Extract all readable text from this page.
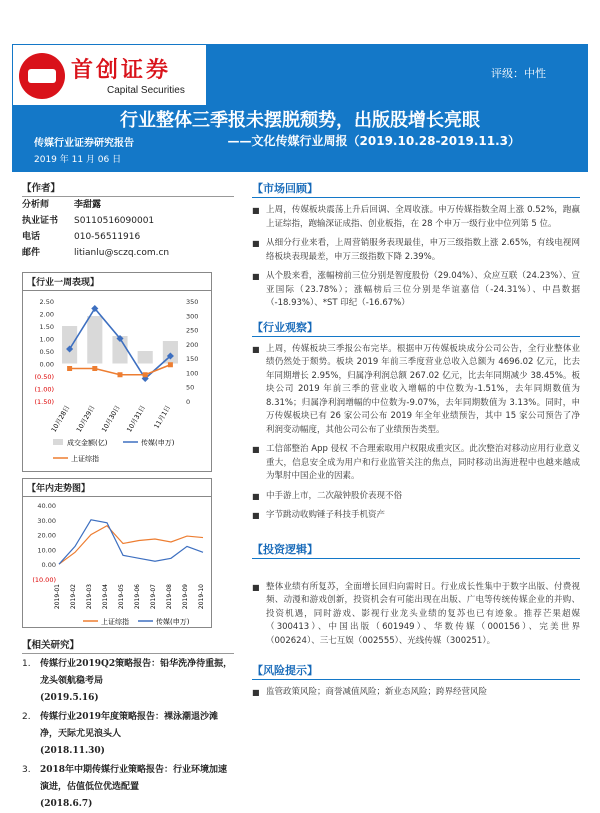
首创证券
Capital Securities
评级：中性
行业整体三季报未摆脱颓势，出版股增长亮眼
传媒行业证券研究报告	——文化传媒行业周报（2019.10.28-2019.11.3）
2019 年 11 月 06 日
【作者】
分析师	李甜露
执业证书	S0110516090001
电话	010-56511916
邮件	litianlu@sczq.com.cn
【行业一周表现】
2.50
2.00
1.50
1.00
0.50
0.00
(0.50)
(1.00)
(1.50)
350
300
250
200
150
100
50
0
10月28日 10月29日 10月30日 10月31日 11月1日
成交金额(亿)	传媒(申万)
上证综指
【年内走势图】
40.00
30.00
20.00
10.00
0.00
(10.00)
2019-01 2019-02 2019-03 2019-04 2019-05 2019-06 2019-07 2019-08 2019-09 2019-10
上证综指	传媒(申万)
【相关研究】
1.	传媒行业2019Q2策略报告：铅华洗净待重振，龙头领航稳考局
(2019.5.16)
2.	传媒行业2019年度策略报告：裸泳潮退沙滩净，天际尤见浪头人
(2018.11.30)
3.	2018年中期传媒行业策略报告：行业环境加速演进，估值低位优选配置
(2018.6.7)
【市场回顾】
■ 上周，传媒板块震荡上升后回调、全周收涨。申万传媒指数全周上涨 0.52%，跑赢上证综指，跑输深证成指、创业板指，在 28 个申万一级行业中位列第 5 位。
■ 从细分行业来看，上周营销服务表现最佳，申万三级指数上涨 2.65%，有线电视网络板块表现最差，申万三级指数下降 2.39%。
■ 从个股来看，涨幅榜前三位分别是智度股份（29.04%）、众应互联（24.23%）、宣亚国际（23.78%）；涨幅榜后三位分别是华谊嘉信（-24.31%）、中昌数据（-18.93%）、*ST 印纪（-16.67%）
【行业观察】
■ 上周，传媒板块三季报公布完毕。根据申万传媒板块成分公司公告，全行业整体业绩仍然处于颓势。板块 2019 年前三季度营业总收入总额为 4696.02 亿元，比去年同期增长 2.95%，归属净利润总额 267.02 亿元，比去年同期减少 38.45%。板块公司 2019 年前三季的营业收入增幅的中位数为-1.51%，去年同期数值为 8.31%；归属净利润增幅的中位数为-9.07%，去年同期数值为 3.13%。同时，申万传媒板块已有 26 家公司公布 2019 年全年业绩预告，其中 15 家公司预告了净利润变动幅度，其他公司公布了业绩预告类型。
■ 工信部整治 App 侵权 不合理索取用户权限成重灾区。此次整治对移动应用行业意义重大，信息安全成为用户和行业监管关注的焦点，同时移动出海进程中也越来越成为掣肘中国企业的因素。
■ 中手游上市，二次敲钟股价表现不俗
■ 字节跳动收购锤子科技手机资产
【投资逻辑】
■ 整体业绩有所复苏，全面增长回归向需时日。行业成长性集中于数字出版、付费视频、动漫和游戏创新，投资机会有可能出现在出版、广电等传统传媒企业的并购、投资机遇，同时游戏、影视行业龙头业绩的复苏也已有迹象。推荐芒果超媒（300413）、中国出版（601949）、华数传媒（000156）、完美世界（002624）、三七互娱（002555）、光线传媒（300251）。
【风险提示】
■ 监管政策风险；商誉减值风险；新业态风险；跨界经营风险
